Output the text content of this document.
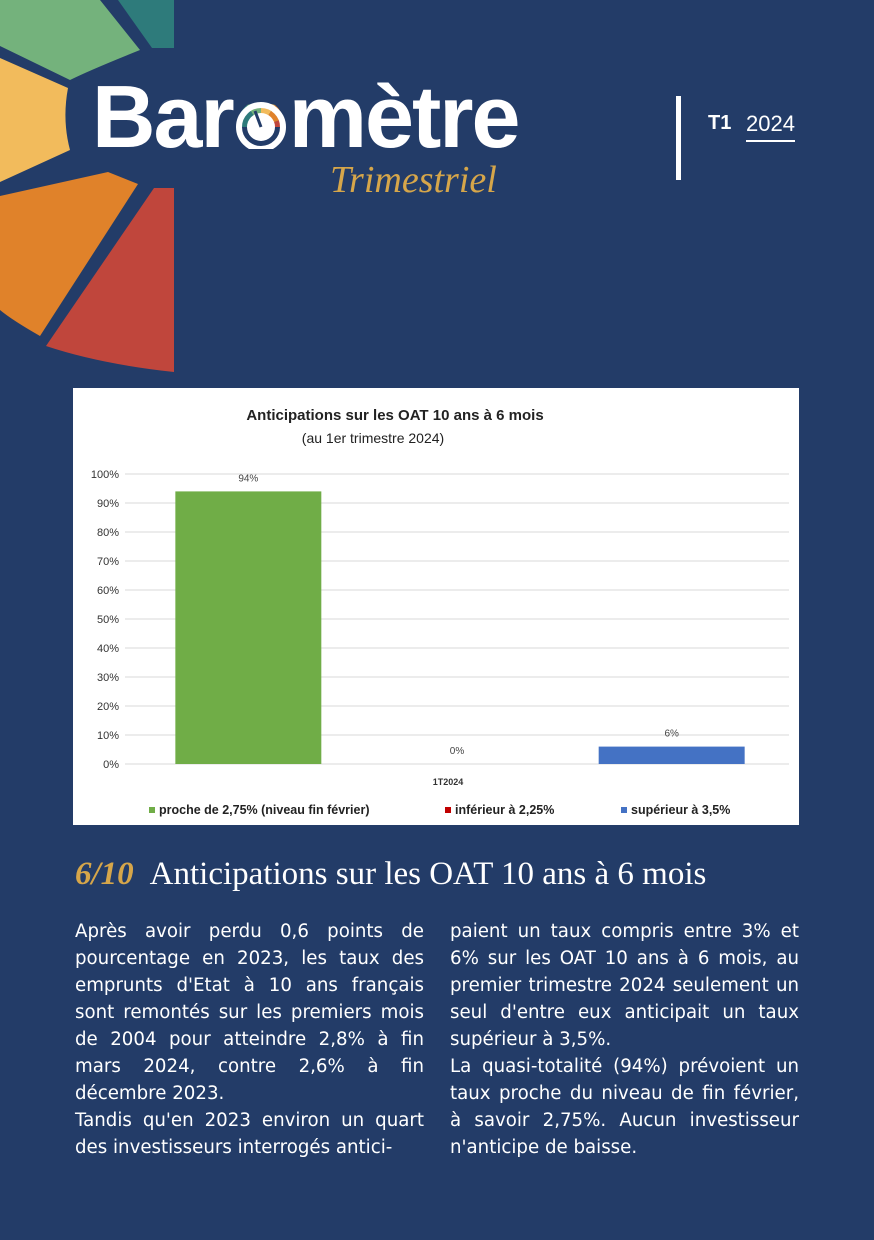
Bar mètre
Trimestriel
T1 2024
Anticipations sur les OAT 10 ans à 6 mois
(au 1er trimestre 2024)
0%
10%
20%
30%
40%
50%
60%
70%
80%
90%
100%	94%
0%
6%
1T2024
proche de 2,75% (niveau fin février)	inférieur à 2,25%	supérieur à 3,5%
6/10 Anticipations sur les OAT 10 ans à 6 mois

Après avoir perdu 0,6 points de pourcentage en 2023, les taux des emprunts d'Etat à 10 ans français sont remontés sur les premiers mois de 2004 pour atteindre 2,8% à fin mars 2024, contre 2,6% à fin décembre 2023.

Tandis qu'en 2023 environ un quart des investisseurs interrogés antici-

paient un taux compris entre 3% et 6% sur les OAT 10 ans à 6 mois, au premier trimestre 2024 seulement un seul d'entre eux anticipait un taux supérieur à 3,5%.

La quasi-totalité (94%) prévoient un taux proche du niveau de fin février, à savoir 2,75%. Aucun investisseur n'anticipe de baisse.
